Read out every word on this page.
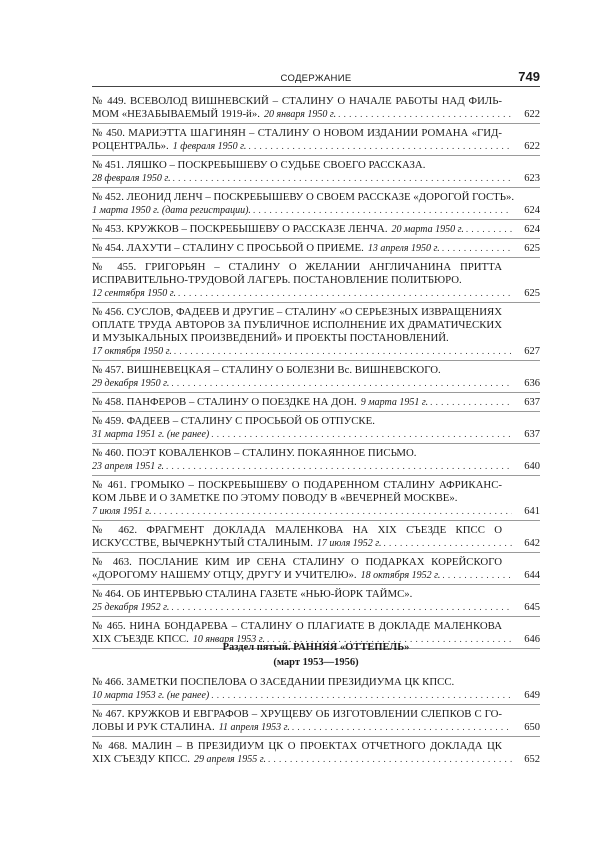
СОДЕРЖАНИЕ	749
№ 449. ВСЕВОЛОД ВИШНЕВСКИЙ – СТАЛИНУ О НАЧАЛЕ РАБОТЫ НАД ФИЛЬ-
МОМ «НЕЗАБЫВАЕМЫЙ 1919-й». 20 января 1950 г. . . .	622
№ 450. МАРИЭТТА ШАГИНЯН – СТАЛИНУ О НОВОМ ИЗДАНИИ РОМАНА «ГИД-
РОЦЕНТРАЛЬ». 1 февраля 1950 г. . . .	622
№ 451. ЛЯШКО – ПОСКРЕБЫШЕВУ О СУДЬБЕ СВОЕГО РАССКАЗА.
28 февраля 1950 г. . . .	623
№ 452. ЛЕОНИД ЛЕНЧ – ПОСКРЕБЫШЕВУ О СВОЕМ РАССКАЗЕ «ДОРОГОЙ ГОСТЬ».
1 марта 1950 г. (дата регистрации). . . .	624
№ 453. КРУЖКОВ – ПОСКРЕБЫШЕВУ О РАССКАЗЕ ЛЕНЧА. 20 марта 1950 г. . . .	624
№ 454. ЛАХУТИ – СТАЛИНУ С ПРОСЬБОЙ О ПРИЕМЕ. 13 апреля 1950 г. . . .	625
№ 455. ГРИГОРЬЯН – СТАЛИНУ О ЖЕЛАНИИ АНГЛИЧАНИНА ПРИТТА
ИСПРАВИТЕЛЬНО-ТРУДОВОЙ ЛАГЕРЬ. ПОСТАНОВЛЕНИЕ ПОЛИТБЮРО.
12 сентября 1950 г. . . .	625
№ 456. СУСЛОВ, ФАДЕЕВ И ДРУГИЕ – СТАЛИНУ «О СЕРЬЕЗНЫХ ИЗВРАЩЕНИЯХ
ОПЛАТЕ ТРУДА АВТОРОВ ЗА ПУБЛИЧНОЕ ИСПОЛНЕНИЕ ИХ ДРАМАТИЧЕСКИХ
И МУЗЫКАЛЬНЫХ ПРОИЗВЕДЕНИЙ» И ПРОЕКТЫ ПОСТАНОВЛЕНИЙ.
17 октября 1950 г. . . .	627
№ 457. ВИШНЕВЕЦКАЯ – СТАЛИНУ О БОЛЕЗНИ Вс. ВИШНЕВСКОГО.
29 декабря 1950 г. . . .	636
№ 458. ПАНФЕРОВ – СТАЛИНУ О ПОЕЗДКЕ НА ДОН. 9 марта 1951 г. . . .	637
№ 459. ФАДЕЕВ – СТАЛИНУ С ПРОСЬБОЙ ОБ ОТПУСКЕ.
31 марта 1951 г. (не ранее) . . .	637
№ 460. ПОЭТ КОВАЛЕНКОВ – СТАЛИНУ. ПОКАЯННОЕ ПИСЬМО.
23 апреля 1951 г. . . .	640
№ 461. ГРОМЫКО – ПОСКРЕБЫШЕВУ О ПОДАРЕННОМ СТАЛИНУ АФРИКАНС-
КОМ ЛЬВЕ И О ЗАМЕТКЕ ПО ЭТОМУ ПОВОДУ В «ВЕЧЕРНЕЙ МОСКВЕ».
7 июля 1951 г. . . .	641
№ 462. ФРАГМЕНТ ДОКЛАДА МАЛЕНКОВА НА XIX СЪЕЗДЕ КПСС О
ИСКУССТВЕ, ВЫЧЕРКНУТЫЙ СТАЛИНЫМ. 17 июля 1952 г. . . .	642
№ 463. ПОСЛАНИЕ КИМ ИР СЕНА СТАЛИНУ О ПОДАРКАХ КОРЕЙСКОГО
«ДОРОГОМУ НАШЕМУ ОТЦУ, ДРУГУ И УЧИТЕЛЮ». 18 октября 1952 г. . . .	644
№ 464. ОБ ИНТЕРВЬЮ СТАЛИНА ГАЗЕТЕ «НЬЮ-ЙОРК ТАЙМС».
25 декабря 1952 г. . . .	645
№ 465. НИНА БОНДАРЕВА – СТАЛИНУ О ПЛАГИАТЕ В ДОКЛАДЕ МАЛЕНКОВА
XIX СЪЕЗДЕ КПСС. 10 января 1953 г. . . .	646
Раздел пятый. РАННЯЯ «ОТТЕПЕЛЬ»
(март 1953—1956)
№ 466. ЗАМЕТКИ ПОСПЕЛОВА О ЗАСЕДАНИИ ПРЕЗИДИУМА ЦК КПСС.
10 марта 1953 г. (не ранее) . . .	649
№ 467. КРУЖКОВ И ЕВГРАФОВ – ХРУЩЕВУ ОБ ИЗГОТОВЛЕНИИ СЛЕПКОВ С ГО-
ЛОВЫ И РУК СТАЛИНА. 11 апреля 1953 г. . . .	650
№ 468. МАЛИН – В ПРЕЗИДИУМ ЦК О ПРОЕКТАХ ОТЧЕТНОГО ДОКЛАДА ЦК
XIX СЪЕЗДУ КПСС. 29 апреля 1955 г. . . .	652
